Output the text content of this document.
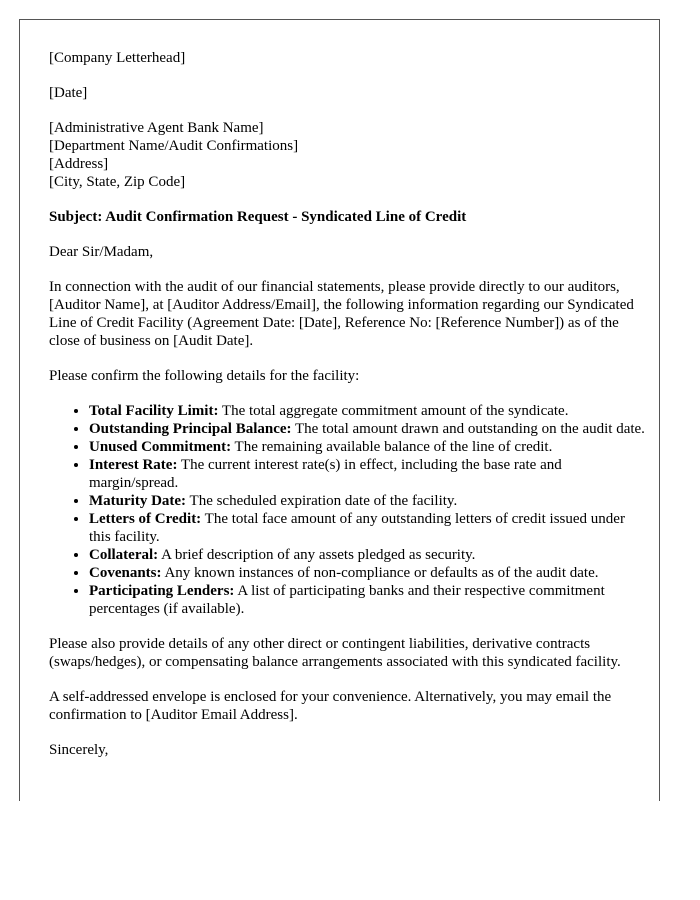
[Company Letterhead]

[Date]

[Administrative Agent Bank Name]

[Department Name/Audit Confirmations]

[Address]

[City, State, Zip Code]

Subject: Audit Confirmation Request - Syndicated Line of Credit

Dear Sir/Madam,

In connection with the audit of our financial statements, please provide directly to our auditors, [Auditor Name], at [Auditor Address/Email], the following information regarding our Syndicated Line of Credit Facility (Agreement Date: [Date], Reference No: [Reference Number]) as of the close of business on [Audit Date].

Please confirm the following details for the facility:

• Total Facility Limit: The total aggregate commitment amount of the syndicate.
• Outstanding Principal Balance: The total amount drawn and outstanding on the audit date.
• Unused Commitment: The remaining available balance of the line of credit.
• Interest Rate: The current interest rate(s) in effect, including the base rate and margin/spread.
• Maturity Date: The scheduled expiration date of the facility.
• Letters of Credit: The total face amount of any outstanding letters of credit issued under this facility.
• Collateral: A brief description of any assets pledged as security.
• Covenants: Any known instances of non-compliance or defaults as of the audit date.
• Participating Lenders: A list of participating banks and their respective commitment percentages (if available).

Please also provide details of any other direct or contingent liabilities, derivative contracts (swaps/hedges), or compensating balance arrangements associated with this syndicated facility.

A self-addressed envelope is enclosed for your convenience. Alternatively, you may email the confirmation to [Auditor Email Address].

Sincerely,
